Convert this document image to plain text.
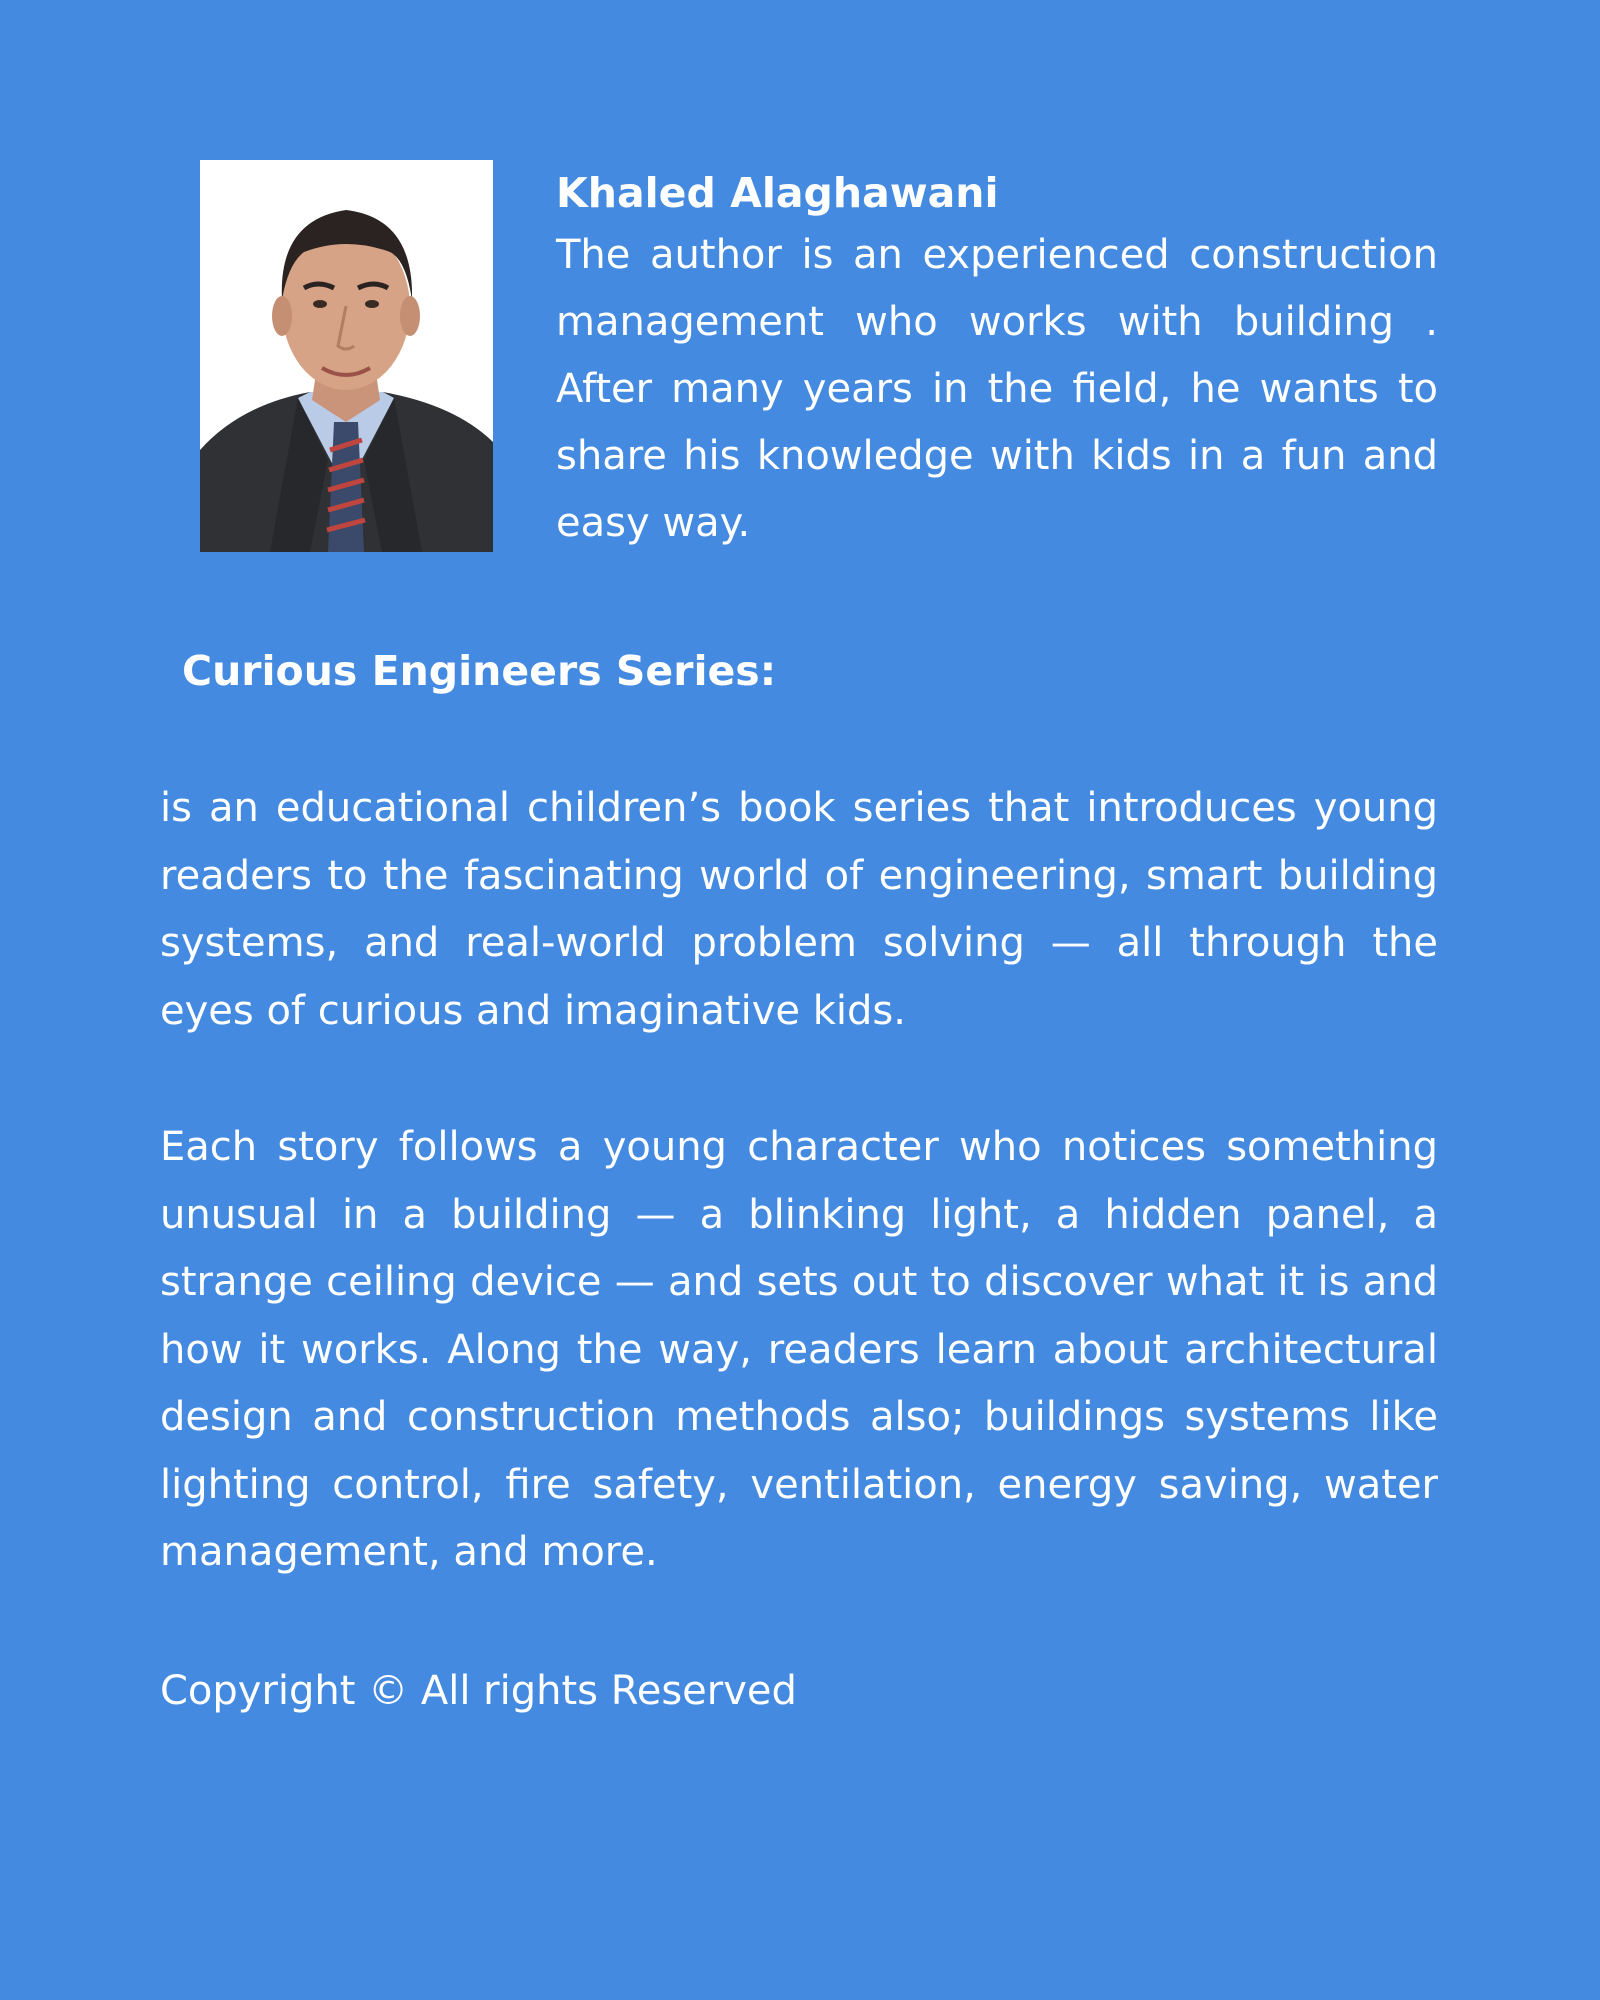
Khaled Alaghawani

The author is an experienced construction management who works with building . After many years in the field, he wants to share his knowledge with kids in a fun and easy way.

Curious Engineers Series:

is an educational children’s book series that introduces young readers to the fascinating world of engineering, smart building systems, and real-world problem solving — all through the eyes of curious and imaginative kids.

Each story follows a young character who notices something unusual in a building — a blinking light, a hidden panel, a strange ceiling device — and sets out to discover what it is and how it works. Along the way, readers learn about architectural design and construction methods also; buildings systems like lighting control, fire safety, ventilation, energy saving, water management, and more.

Copyright © All rights Reserved
